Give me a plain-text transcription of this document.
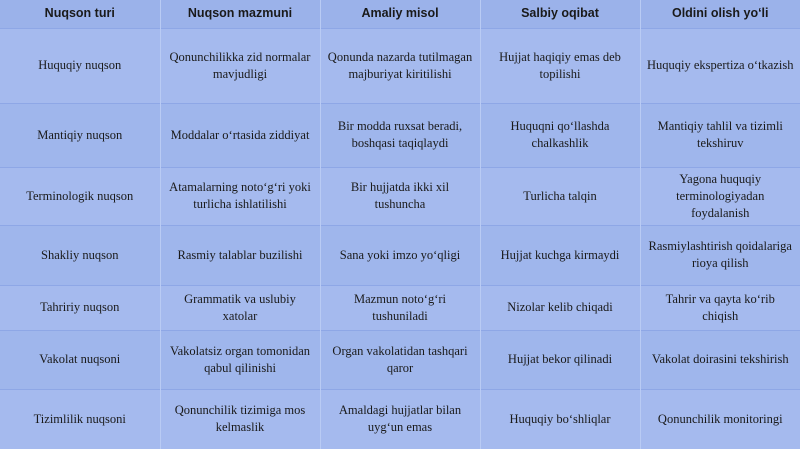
Nuqson turi	Nuqson mazmuni	Amaliy misol	Salbiy oqibat	Oldini olish yo‘li
Huquqiy nuqson	Qonunchilikka zid normalar mavjudligi	Qonunda nazarda tutilmagan majburiyat kiritilishi	Hujjat haqiqiy emas deb topilishi	Huquqiy ekspertiza o‘tkazish
Mantiqiy nuqson	Moddalar o‘rtasida ziddiyat	Bir modda ruxsat beradi, boshqasi taqiqlaydi	Huquqni qo‘llashda chalkashlik	Mantiqiy tahlil va tizimli tekshiruv
Terminologik nuqson	Atamalarning noto‘g‘ri yoki turlicha ishlatilishi	Bir hujjatda ikki xil tushuncha	Turlicha talqin	Yagona huquqiy terminologiyadan foydalanish
Shakliy nuqson	Rasmiy talablar buzilishi	Sana yoki imzo yo‘qligi	Hujjat kuchga kirmaydi	Rasmiylashtirish qoidalariga rioya qilish
Tahririy nuqson	Grammatik va uslubiy xatolar	Mazmun noto‘g‘ri tushuniladi	Nizolar kelib chiqadi	Tahrir va qayta ko‘rib chiqish
Vakolat nuqsoni	Vakolatsiz organ tomonidan qabul qilinishi	Organ vakolatidan tashqari qaror	Hujjat bekor qilinadi	Vakolat doirasini tekshirish
Tizimlilik nuqsoni	Qonunchilik tizimiga mos kelmaslik	Amaldagi hujjatlar bilan uyg‘un emas	Huquqiy bo‘shliqlar	Qonunchilik monitoringi
